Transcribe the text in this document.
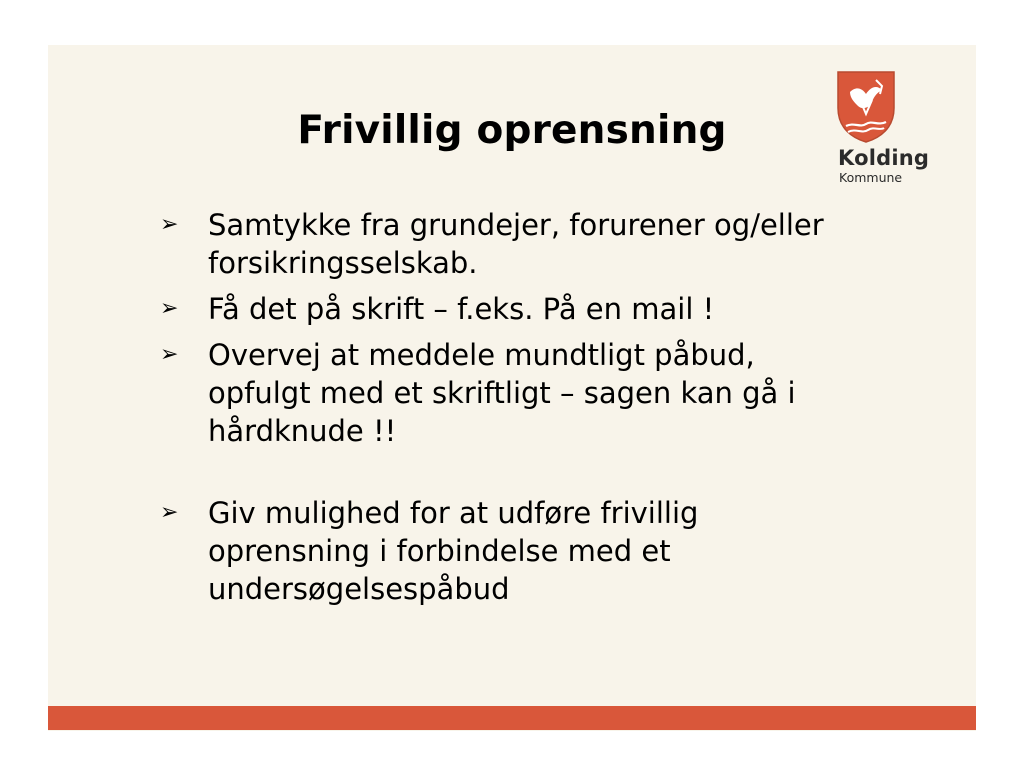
Frivillig oprensning
Kolding
Kommune
➢ Samtykke fra grundejer, forurener og/eller forsikringsselskab.
➢ Få det på skrift – f.eks. På en mail !
➢ Overvej at meddele mundtligt påbud, opfulgt med et skriftligt – sagen kan gå i hårdknude !!
➢ Giv mulighed for at udføre frivillig oprensning i forbindelse med et undersøgelsespåbud
